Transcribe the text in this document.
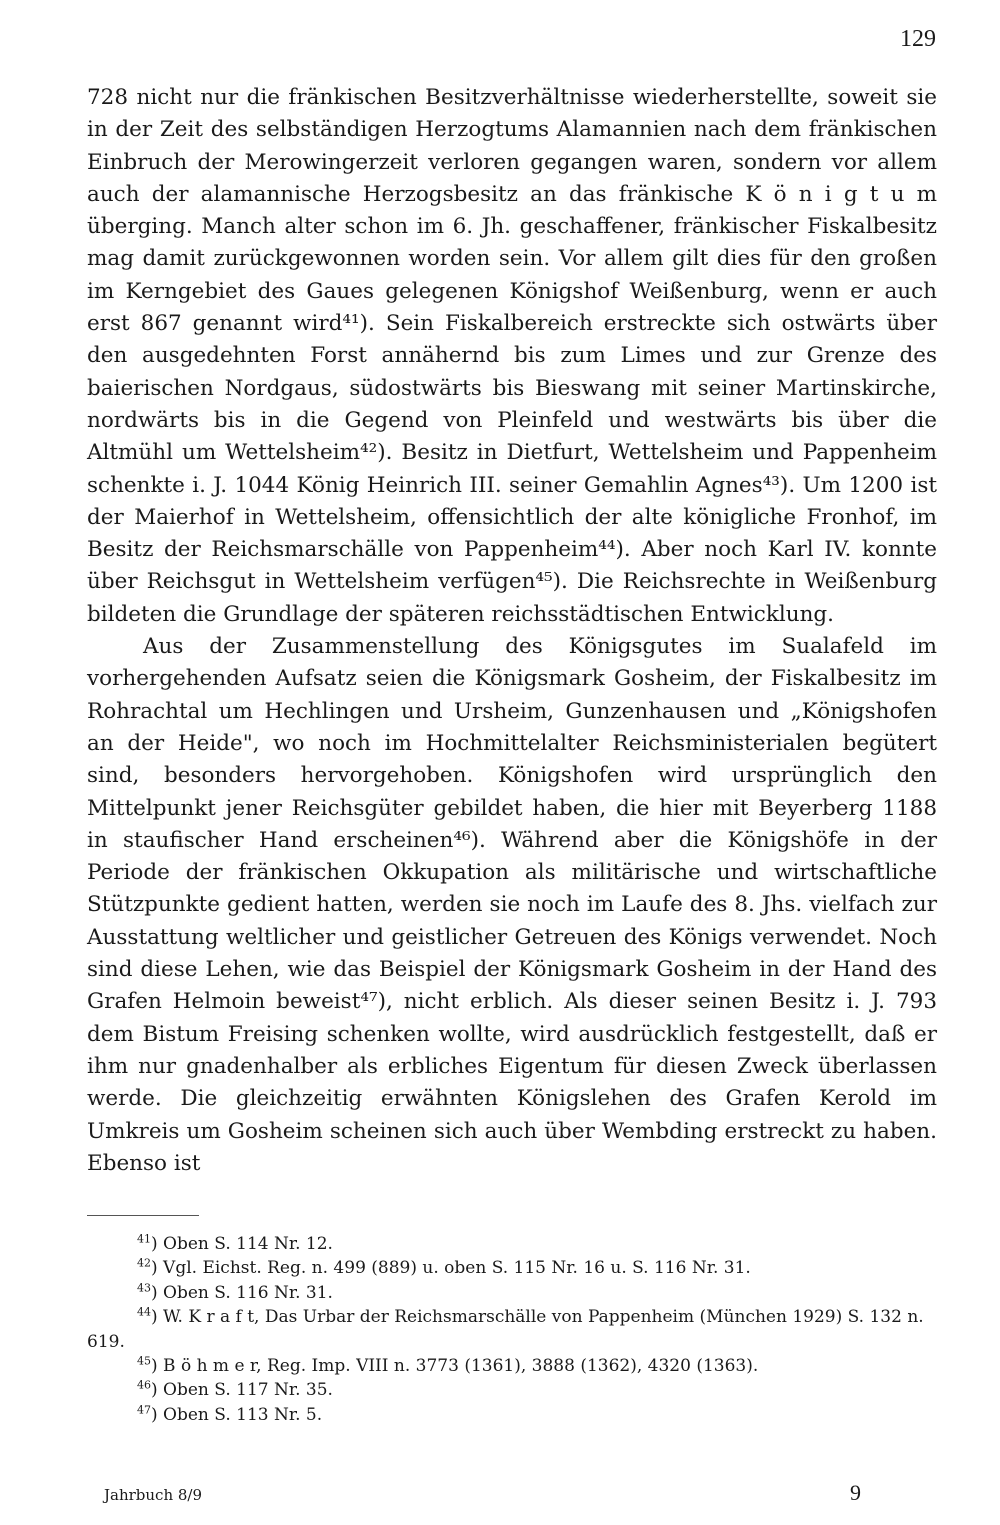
129

728 nicht nur die fränkischen Besitzverhältnisse wiederherstellte, soweit sie in der Zeit des selbständigen Herzogtums Alamannien nach dem fränkischen Einbruch der Merowingerzeit verloren gegangen waren, sondern vor allem auch der alamannische Herzogsbesitz an das fränkische K ö n i g t u m überging. Manch alter schon im 6. Jh. geschaffener, fränkischer Fiskalbesitz mag damit zurückgewonnen worden sein. Vor allem gilt dies für den großen im Kerngebiet des Gaues gelegenen Königshof Weißenburg, wenn er auch erst 867 genannt wird⁴¹). Sein Fiskalbereich erstreckte sich ostwärts über den ausgedehnten Forst annähernd bis zum Limes und zur Grenze des baierischen Nordgaus, südostwärts bis Bieswang mit seiner Martinskirche, nordwärts bis in die Gegend von Pleinfeld und westwärts bis über die Altmühl um Wettelsheim⁴²). Besitz in Dietfurt, Wettelsheim und Pappenheim schenkte i. J. 1044 König Heinrich III. seiner Gemahlin Agnes⁴³). Um 1200 ist der Maierhof in Wettelsheim, offensichtlich der alte königliche Fronhof, im Besitz der Reichsmarschälle von Pappenheim⁴⁴). Aber noch Karl IV. konnte über Reichsgut in Wettelsheim verfügen⁴⁵). Die Reichsrechte in Weißenburg bildeten die Grundlage der späteren reichsstädtischen Entwicklung.

Aus der Zusammenstellung des Königsgutes im Sualafeld im vorhergehenden Aufsatz seien die Königsmark Gosheim, der Fiskalbesitz im Rohrachtal um Hechlingen und Ursheim, Gunzenhausen und „Königshofen an der Heide", wo noch im Hochmittelalter Reichsministerialen begütert sind, besonders hervorgehoben. Königshofen wird ursprünglich den Mittelpunkt jener Reichsgüter gebildet haben, die hier mit Beyerberg 1188 in staufischer Hand erscheinen⁴⁶). Während aber die Königshöfe in der Periode der fränkischen Okkupation als militärische und wirtschaftliche Stützpunkte gedient hatten, werden sie noch im Laufe des 8. Jhs. vielfach zur Ausstattung weltlicher und geistlicher Getreuen des Königs verwendet. Noch sind diese Lehen, wie das Beispiel der Königsmark Gosheim in der Hand des Grafen Helmoin beweist⁴⁷), nicht erblich. Als dieser seinen Besitz i. J. 793 dem Bistum Freising schenken wollte, wird ausdrücklich festgestellt, daß er ihm nur gnadenhalber als erbliches Eigentum für diesen Zweck überlassen werde. Die gleichzeitig erwähnten Königslehen des Grafen Kerold im Umkreis um Gosheim scheinen sich auch über Wembding erstreckt zu haben. Ebenso ist

$^{41}$) Oben S. 114 Nr. 12.
$^{42}$) Vgl. Eichst. Reg. n. 499 (889) u. oben S. 115 Nr. 16 u. S. 116 Nr. 31.
$^{43}$) Oben S. 116 Nr. 31.
$^{44}$) W. K r a f t, Das Urbar der Reichsmarschälle von Pappenheim (München 1929) S. 132 n. 619.
$^{45}$) B ö h m e r, Reg. Imp. VIII n. 3773 (1361), 3888 (1362), 4320 (1363).
$^{46}$) Oben S. 117 Nr. 35.
$^{47}$) Oben S. 113 Nr. 5.
Jahrbuch 8/9	9
